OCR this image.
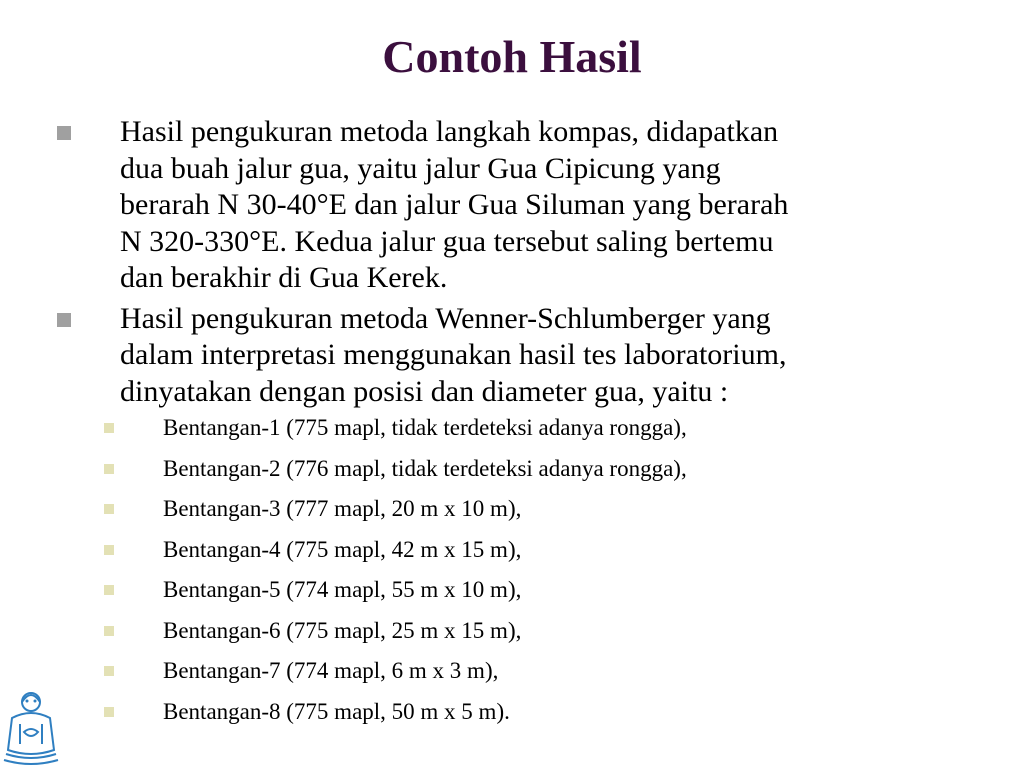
Contoh Hasil
Hasil pengukuran metoda langkah kompas, didapatkan
dua buah jalur gua, yaitu jalur Gua Cipicung yang
berarah N 30-40°E dan jalur Gua Siluman yang berarah
N 320-330°E. Kedua jalur gua tersebut saling bertemu
dan berakhir di Gua Kerek.
Hasil pengukuran metoda Wenner-Schlumberger yang
dalam interpretasi menggunakan hasil tes laboratorium,
dinyatakan dengan posisi dan diameter gua, yaitu :
Bentangan-1 (775 mapl, tidak terdeteksi adanya rongga),
Bentangan-2 (776 mapl, tidak terdeteksi adanya rongga),
Bentangan-3 (777 mapl, 20 m x 10 m),
Bentangan-4 (775 mapl, 42 m x 15 m),
Bentangan-5 (774 mapl, 55 m x 10 m),
Bentangan-6 (775 mapl, 25 m x 15 m),
Bentangan-7 (774 mapl, 6 m x 3 m),
Bentangan-8 (775 mapl, 50 m x 5 m).
